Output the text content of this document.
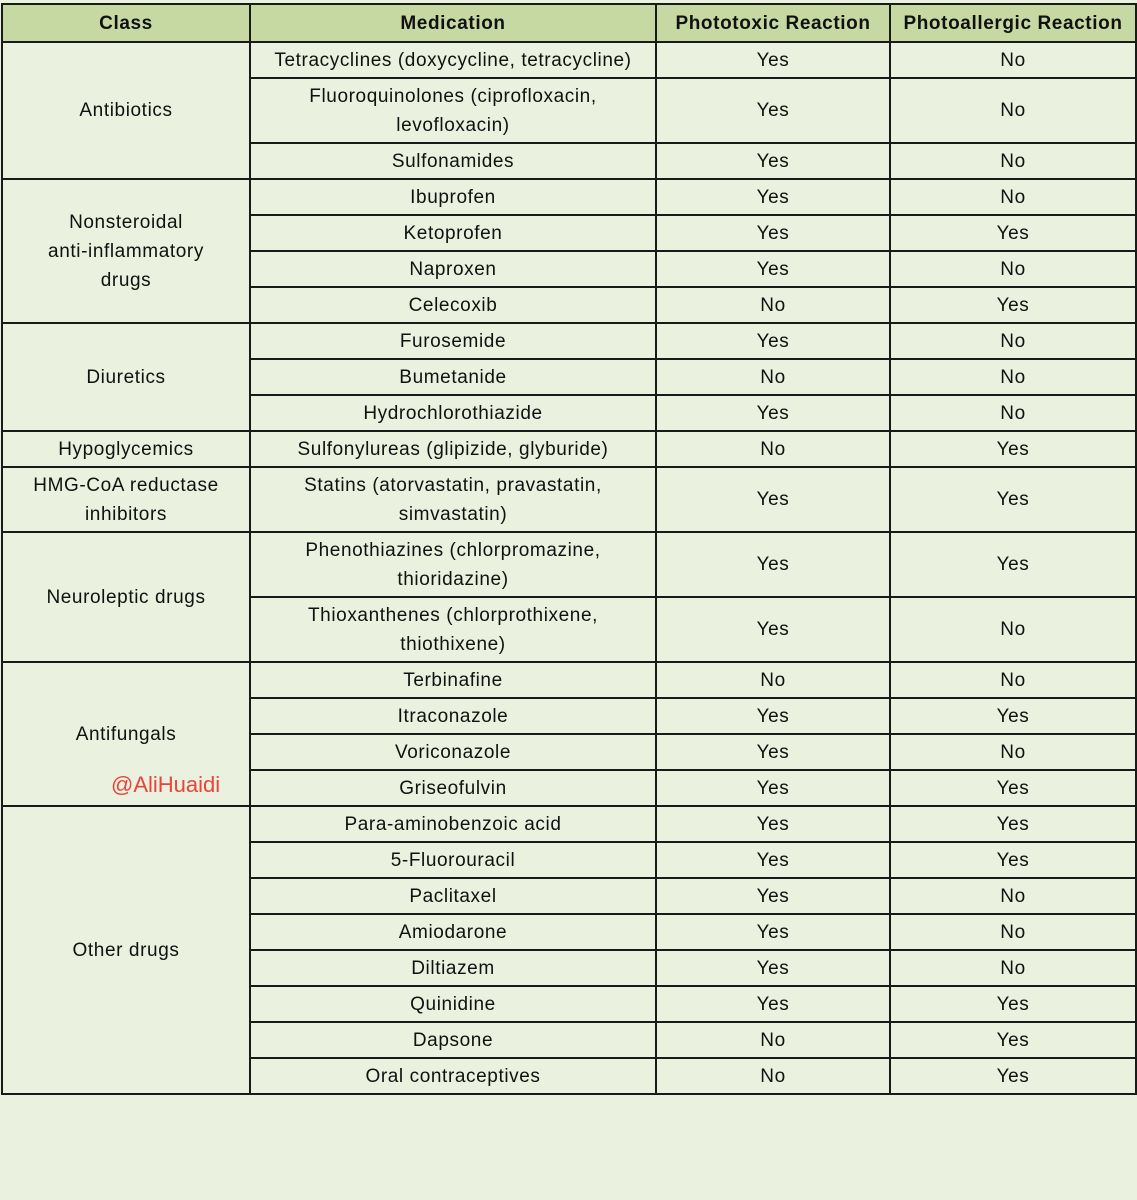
Class	Medication	Phototoxic Reaction	Photoallergic Reaction
Antibiotics	Tetracyclines (doxycycline, tetracycline)	Yes	No
	Fluoroquinolones (ciprofloxacin,
levofloxacin)	Yes	No
	Sulfonamides	Yes	No
Nonsteroidal
anti-inflammatory
drugs	Ibuprofen	Yes	No
	Ketoprofen	Yes	Yes
	Naproxen	Yes	No
	Celecoxib	No	Yes
Diuretics	Furosemide	Yes	No
	Bumetanide	No	No
	Hydrochlorothiazide	Yes	No
Hypoglycemics	Sulfonylureas (glipizide, glyburide)	No	Yes
HMG-CoA reductase
inhibitors	Statins (atorvastatin, pravastatin,
simvastatin)	Yes	Yes
Neuroleptic drugs	Phenothiazines (chlorpromazine,
thioridazine)	Yes	Yes
	Thioxanthenes (chlorprothixene,
thiothixene)	Yes	No
Antifungals
@AliHuaidi	Terbinafine	No	No
	Itraconazole	Yes	Yes
	Voriconazole	Yes	No
	Griseofulvin	Yes	Yes
Other drugs	Para-aminobenzoic acid	Yes	Yes
	5-Fluorouracil	Yes	Yes
	Paclitaxel	Yes	No
	Amiodarone	Yes	No
	Diltiazem	Yes	No
	Quinidine	Yes	Yes
	Dapsone	No	Yes
	Oral contraceptives	No	Yes
